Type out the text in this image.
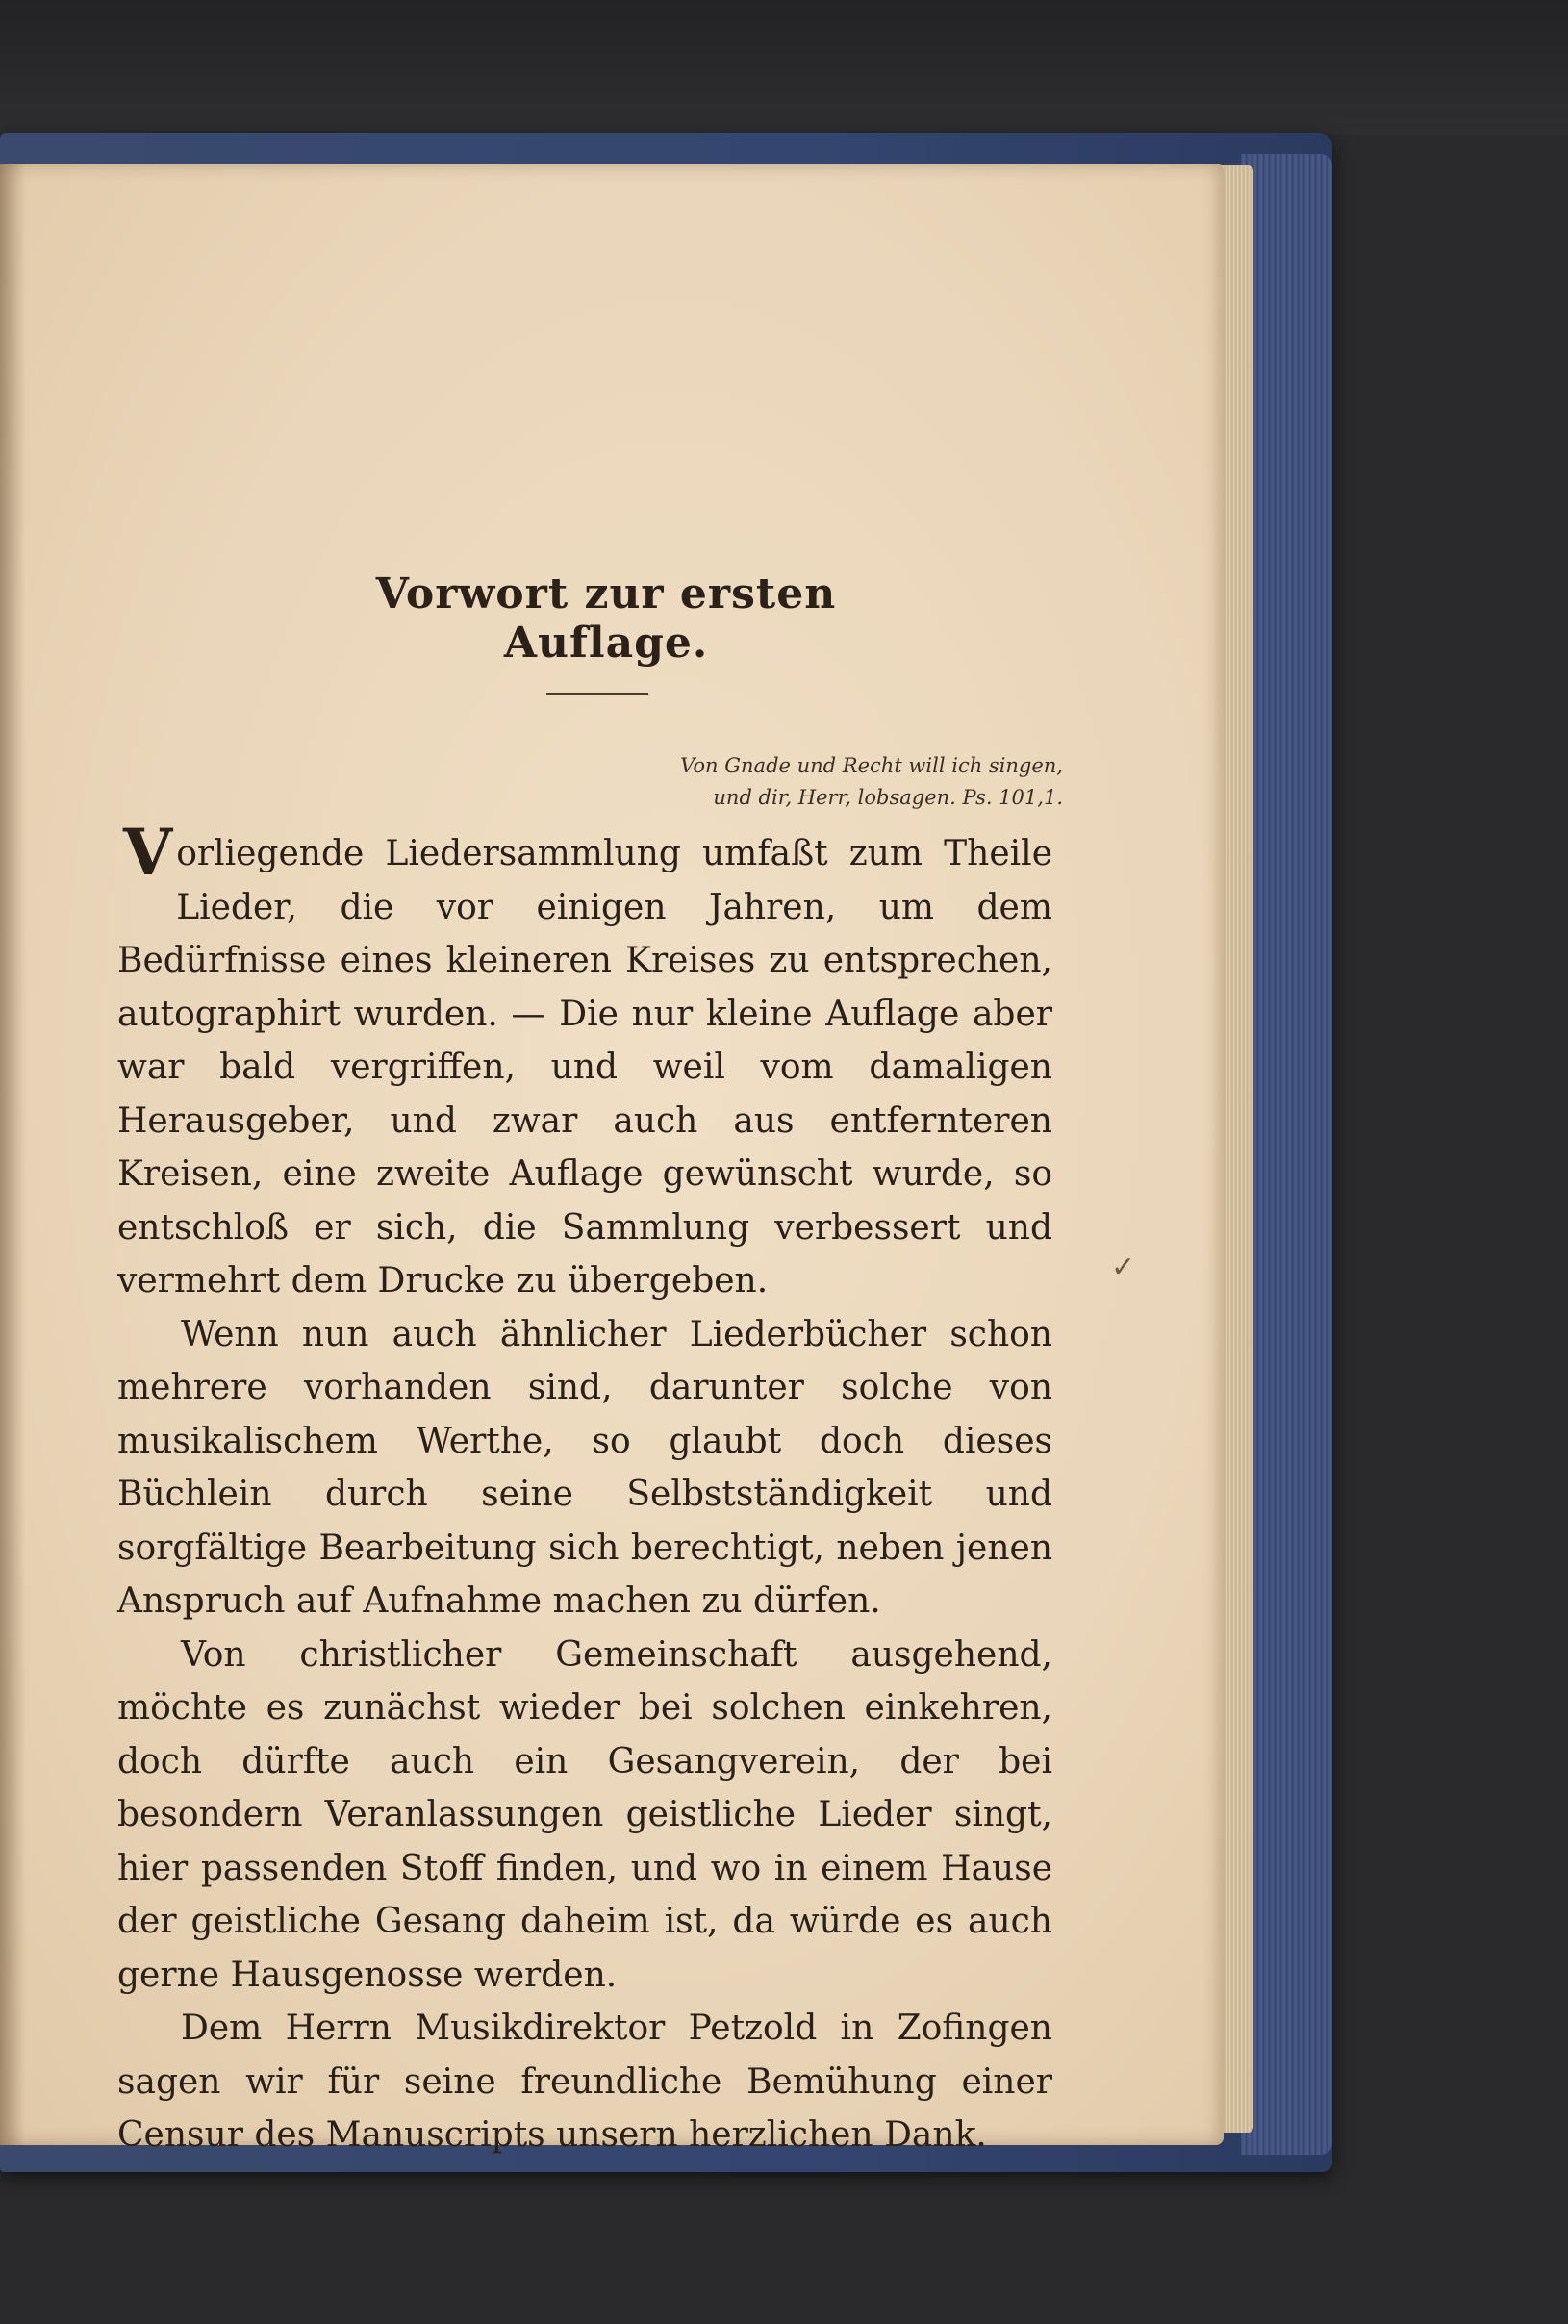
Vorwort zur ersten Auflage.
Von Gnade und Recht will ich singen,
und dir, Herr, lobsagen. Ps. 101,1.

Vorliegende Liedersammlung umfaßt zum Theile Lieder, die vor einigen Jahren, um dem Bedürfnisse eines kleineren Kreises zu entsprechen, autographirt wurden. — Die nur kleine Auflage aber war bald vergriffen, und weil vom damaligen Herausgeber, und zwar auch aus entfernteren Kreisen, eine zweite Auflage gewünscht wurde, so entschloß er sich, die Sammlung verbessert und vermehrt dem Drucke zu übergeben.

Wenn nun auch ähnlicher Liederbücher schon mehrere vorhanden sind, darunter solche von musikalischem Werthe, so glaubt doch dieses Büchlein durch seine Selbstständigkeit und sorgfältige Bearbeitung sich berechtigt, neben jenen Anspruch auf Aufnahme machen zu dürfen.

Von christlicher Gemeinschaft ausgehend, möchte es zunächst wieder bei solchen einkehren, doch dürfte auch ein Gesangverein, der bei besondern Veranlassungen geistliche Lieder singt, hier passenden Stoff finden, und wo in einem Hause der geistliche Gesang daheim ist, da würde es auch gerne Hausgenosse werden.

Dem Herrn Musikdirektor Petzold in Zofingen sagen wir für seine freundliche Bemühung einer Censur des Manuscripts unsern herzlichen Dank.

✓
